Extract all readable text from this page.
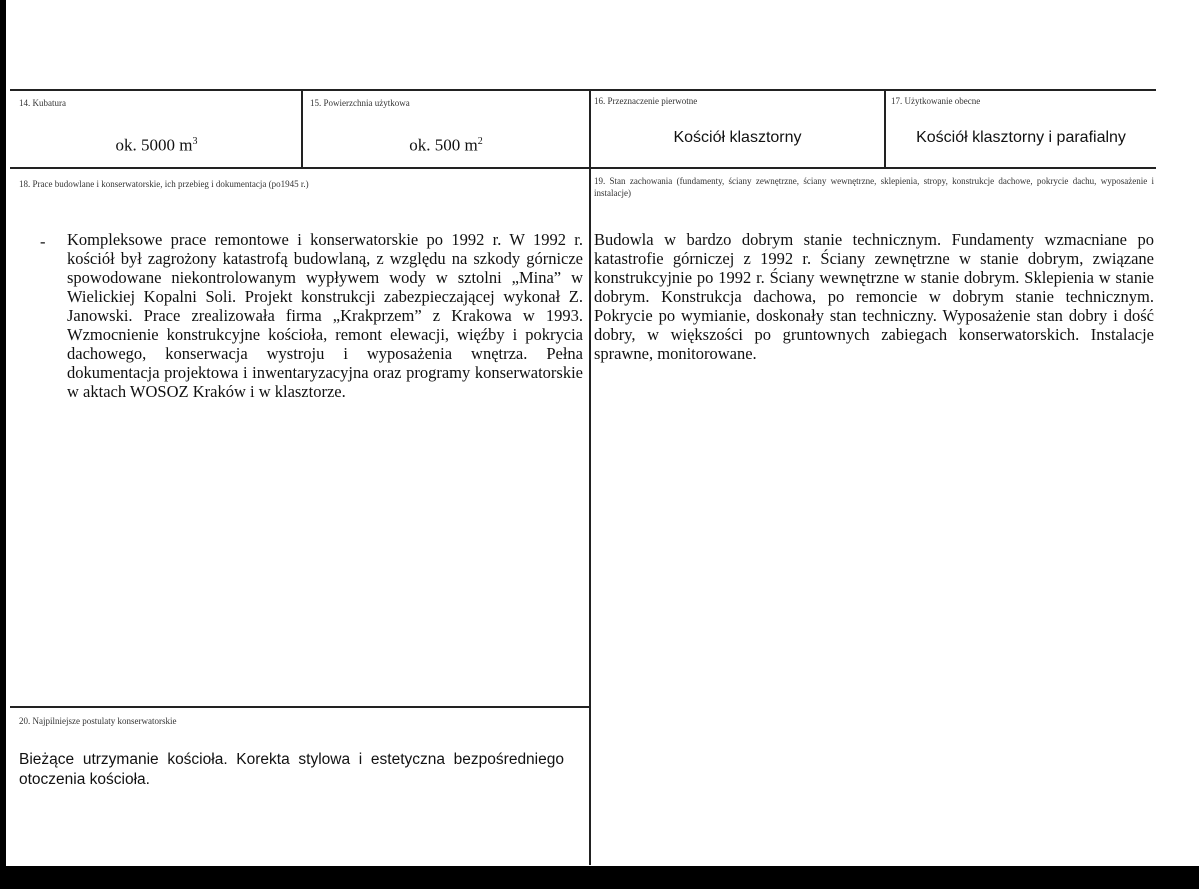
14. Kubatura
ok. 5000 $m^3$
15. Powierzchnia użytkowa
ok. 500 $m^2$
16. Przeznaczenie pierwotne
Kościół klasztorny
17. Użytkowanie obecne
Kościół klasztorny i parafialny
18. Prace budowlane i konserwatorskie, ich przebieg i dokumentacja (po1945 r.)
- Kompleksowe prace remontowe i konserwatorskie po 1992 r. W 1992 r. kościół był zagrożony katastrofą budowlaną, z względu na szkody górnicze spowodowane niekontrolowanym wypływem wody w sztolni „Mina” w Wielickiej Kopalni Soli. Projekt konstrukcji zabezpieczającej wykonał Z. Janowski. Prace zrealizowała firma „Krakprzem” z Krakowa w 1993. Wzmocnienie konstrukcyjne kościoła, remont elewacji, więźby i pokrycia dachowego, konserwacja wystroju i wyposażenia wnętrza. Pełna dokumentacja projektowa i inwentaryzacyjna oraz programy konserwatorskie w aktach WOSOZ Kraków i w klasztorze.
19. Stan zachowania (fundamenty, ściany zewnętrzne, ściany wewnętrzne, sklepienia, stropy, konstrukcje dachowe, pokrycie dachu, wyposażenie i instalacje)
Budowla w bardzo dobrym stanie technicznym. Fundamenty wzmacniane po katastrofie górniczej z 1992 r. Ściany zewnętrzne w stanie dobrym, związane konstrukcyjnie po 1992 r. Ściany wewnętrzne w stanie dobrym. Sklepienia w stanie dobrym. Konstrukcja dachowa, po remoncie w dobrym stanie technicznym. Pokrycie po wymianie, doskonały stan techniczny. Wyposażenie stan dobry i dość dobry, w większości po gruntownych zabiegach konserwatorskich. Instalacje sprawne, monitorowane.
20. Najpilniejsze postulaty konserwatorskie
Bieżące utrzymanie kościoła. Korekta stylowa i estetyczna bezpośredniego otoczenia kościoła.
